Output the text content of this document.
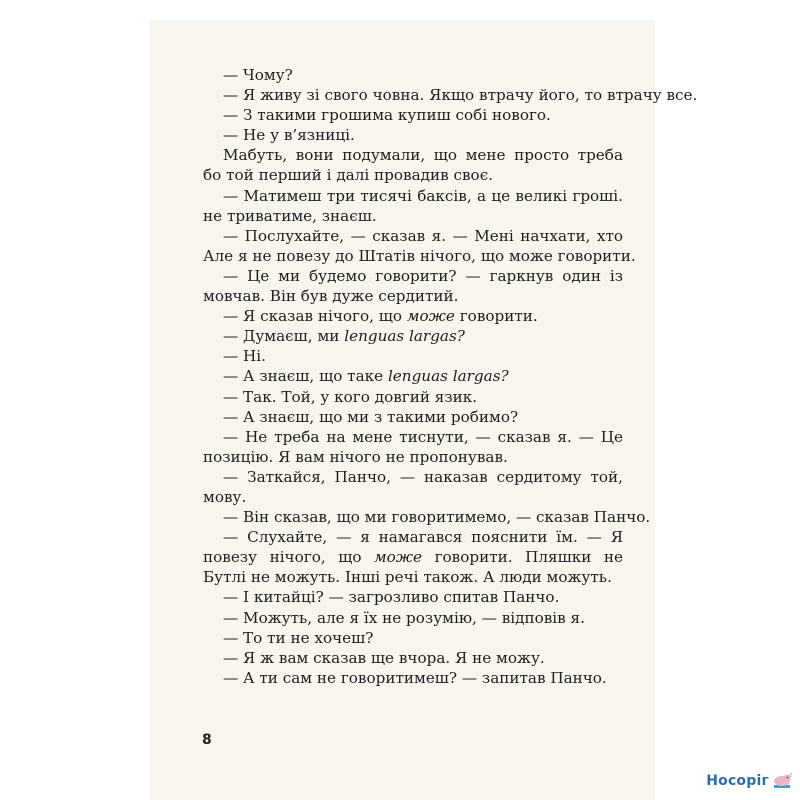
— Чому?
— Я живу зі свого човна. Якщо втрачу його, то втрачу все.
— З такими грошима купиш собі нового.
— Не у в’язниці.
Мабуть, вони подумали, що мене просто треба
бо той перший і далі провадив своє.
— Матимеш три тисячі баксів, а це великі гроші.
не триватиме, знаєш.
— Послухайте, — сказав я. — Мені начхати, хто
Але я не повезу до Штатів нічого, що може говорити.
— Це ми будемо говорити? — гаркнув один із
мовчав. Він був дуже сердитий.
— Я сказав нічого, що може говорити.
— Думаєш, ми lenguas largas?
— Ні.
— А знаєш, що таке lenguas largas?
— Так. Той, у кого довгий язик.
— А знаєш, що ми з такими робимо?
— Не треба на мене тиснути, — сказав я. — Це
позицію. Я вам нічого не пропонував.
— Заткайся, Панчо, — наказав сердитому той,
мову.
— Він сказав, що ми говоритимемо, — сказав Панчо.
— Слухайте, — я намагався пояснити їм. — Я
повезу нічого, що може говорити. Пляшки не
Бутлі не можуть. Інші речі також. А люди можуть.
— І китайці? — загрозливо спитав Панчо.
— Можуть, але я їх не розумію, — відповів я.
— То ти не хочеш?
— Я ж вам сказав ще вчора. Я не можу.
— А ти сам не говоритимеш? — запитав Панчо.
8
Носоріг
